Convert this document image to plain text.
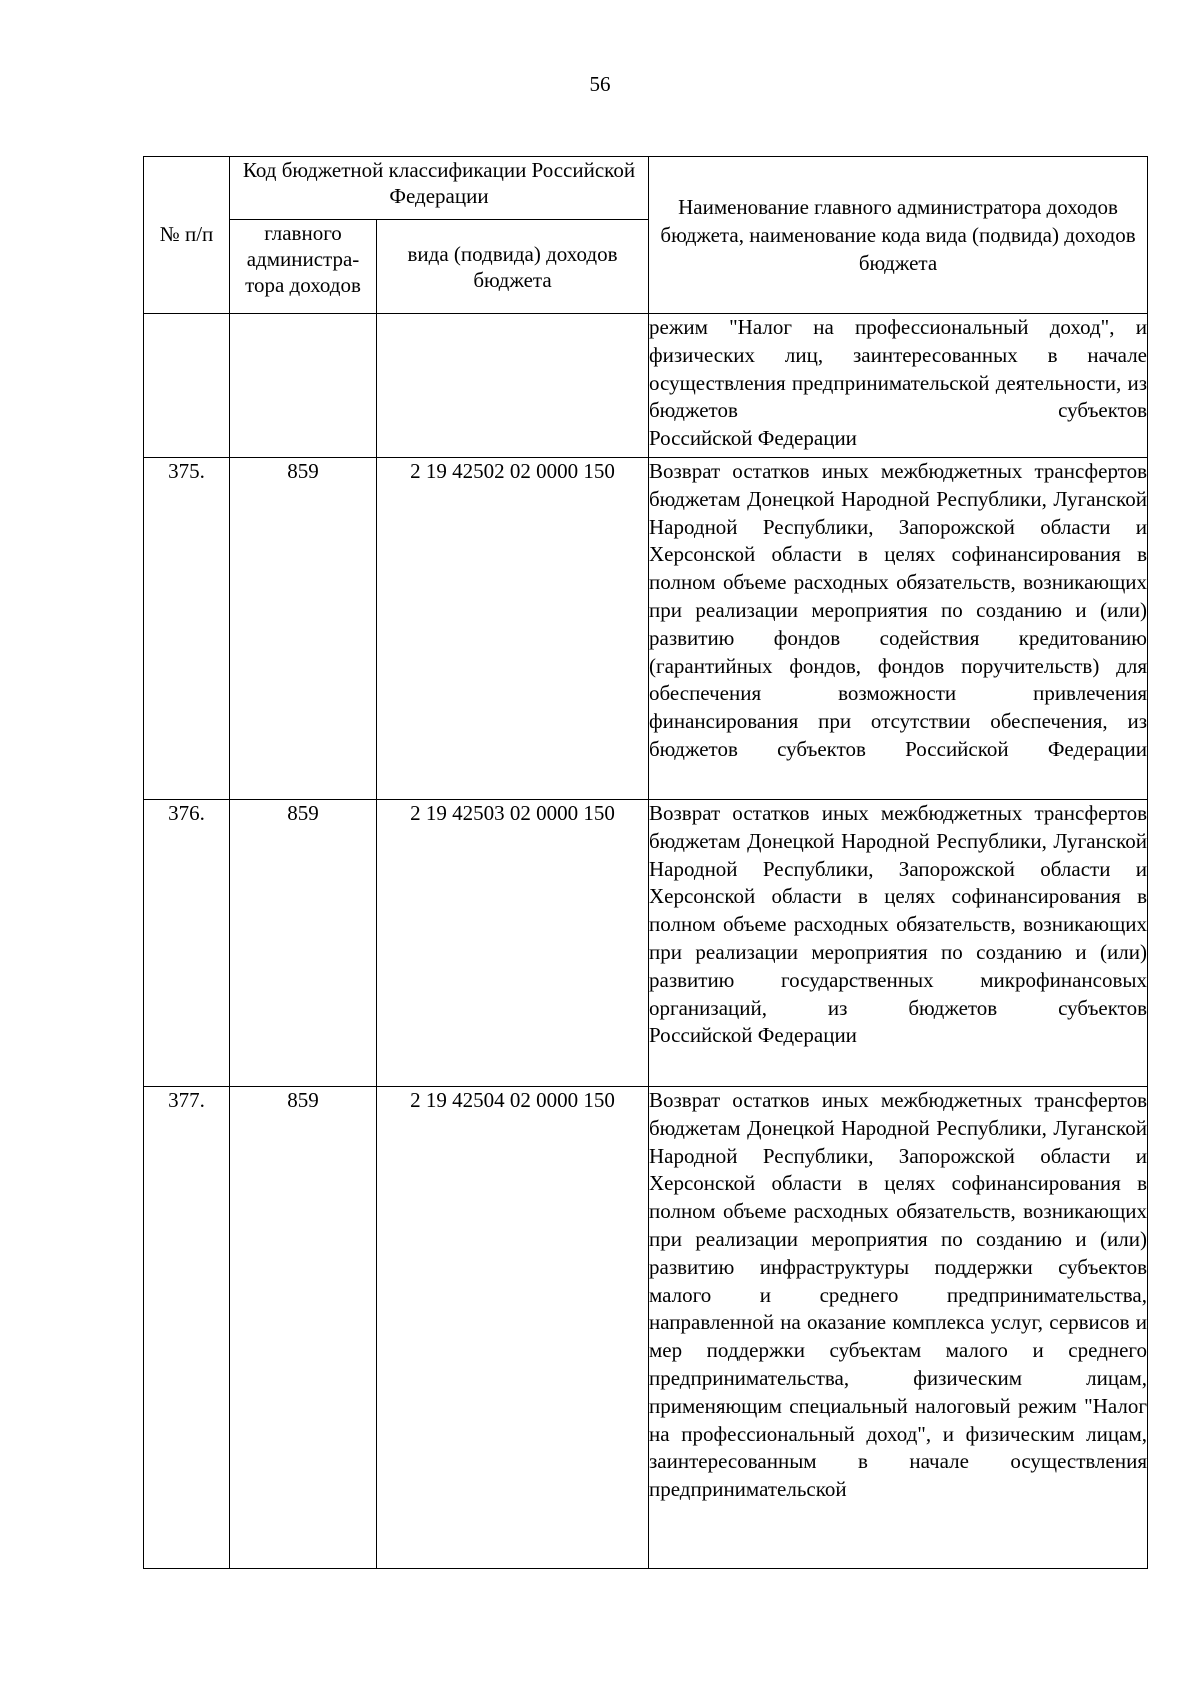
56
№ п/п	Код бюджетной классификации Российской Федерации		Наименование главного администратора доходов бюджета, наименование кода вида (подвида) доходов бюджета
	главного администра-тора доходов	вида (подвида) доходов бюджета	
			режим "Налог на профессиональный доход", и физических лиц, заинтересованных в начале осуществления предпринимательской деятельности, из бюджетов субъектов
Российской Федерации

375.	859	2 19 42502 02 0000 150	Возврат остатков иных межбюджетных трансфертов бюджетам Донецкой Народной Республики, Луганской Народной Республики, Запорожской области и Херсонской области в целях софинансирования в полном объеме расходных обязательств, возникающих при реализации мероприятия по созданию и (или) развитию фондов содействия кредитованию (гарантийных фондов, фондов поручительств) для обеспечения возможности привлечения финансирования при отсутствии обеспечения, из бюджетов субъектов Российской Федерации
376.	859	2 19 42503 02 0000 150	Возврат остатков иных межбюджетных трансфертов бюджетам Донецкой Народной Республики, Луганской Народной Республики, Запорожской области и Херсонской области в целях софинансирования в полном объеме расходных обязательств, возникающих при реализации мероприятия по созданию и (или) развитию государственных микрофинансовых организаций, из бюджетов субъектов
Российской Федерации

377.	859	2 19 42504 02 0000 150	Возврат остатков иных межбюджетных трансфертов бюджетам Донецкой Народной Республики, Луганской Народной Республики, Запорожской области и Херсонской области в целях софинансирования в полном объеме расходных обязательств, возникающих при реализации мероприятия по созданию и (или) развитию инфраструктуры поддержки субъектов малого и среднего предпринимательства, направленной на оказание комплекса услуг, сервисов и мер поддержки субъектам малого и среднего предпринимательства, физическим лицам, применяющим специальный налоговый режим "Налог на профессиональный доход", и физическим лицам, заинтересованным в начале осуществления предпринимательской
